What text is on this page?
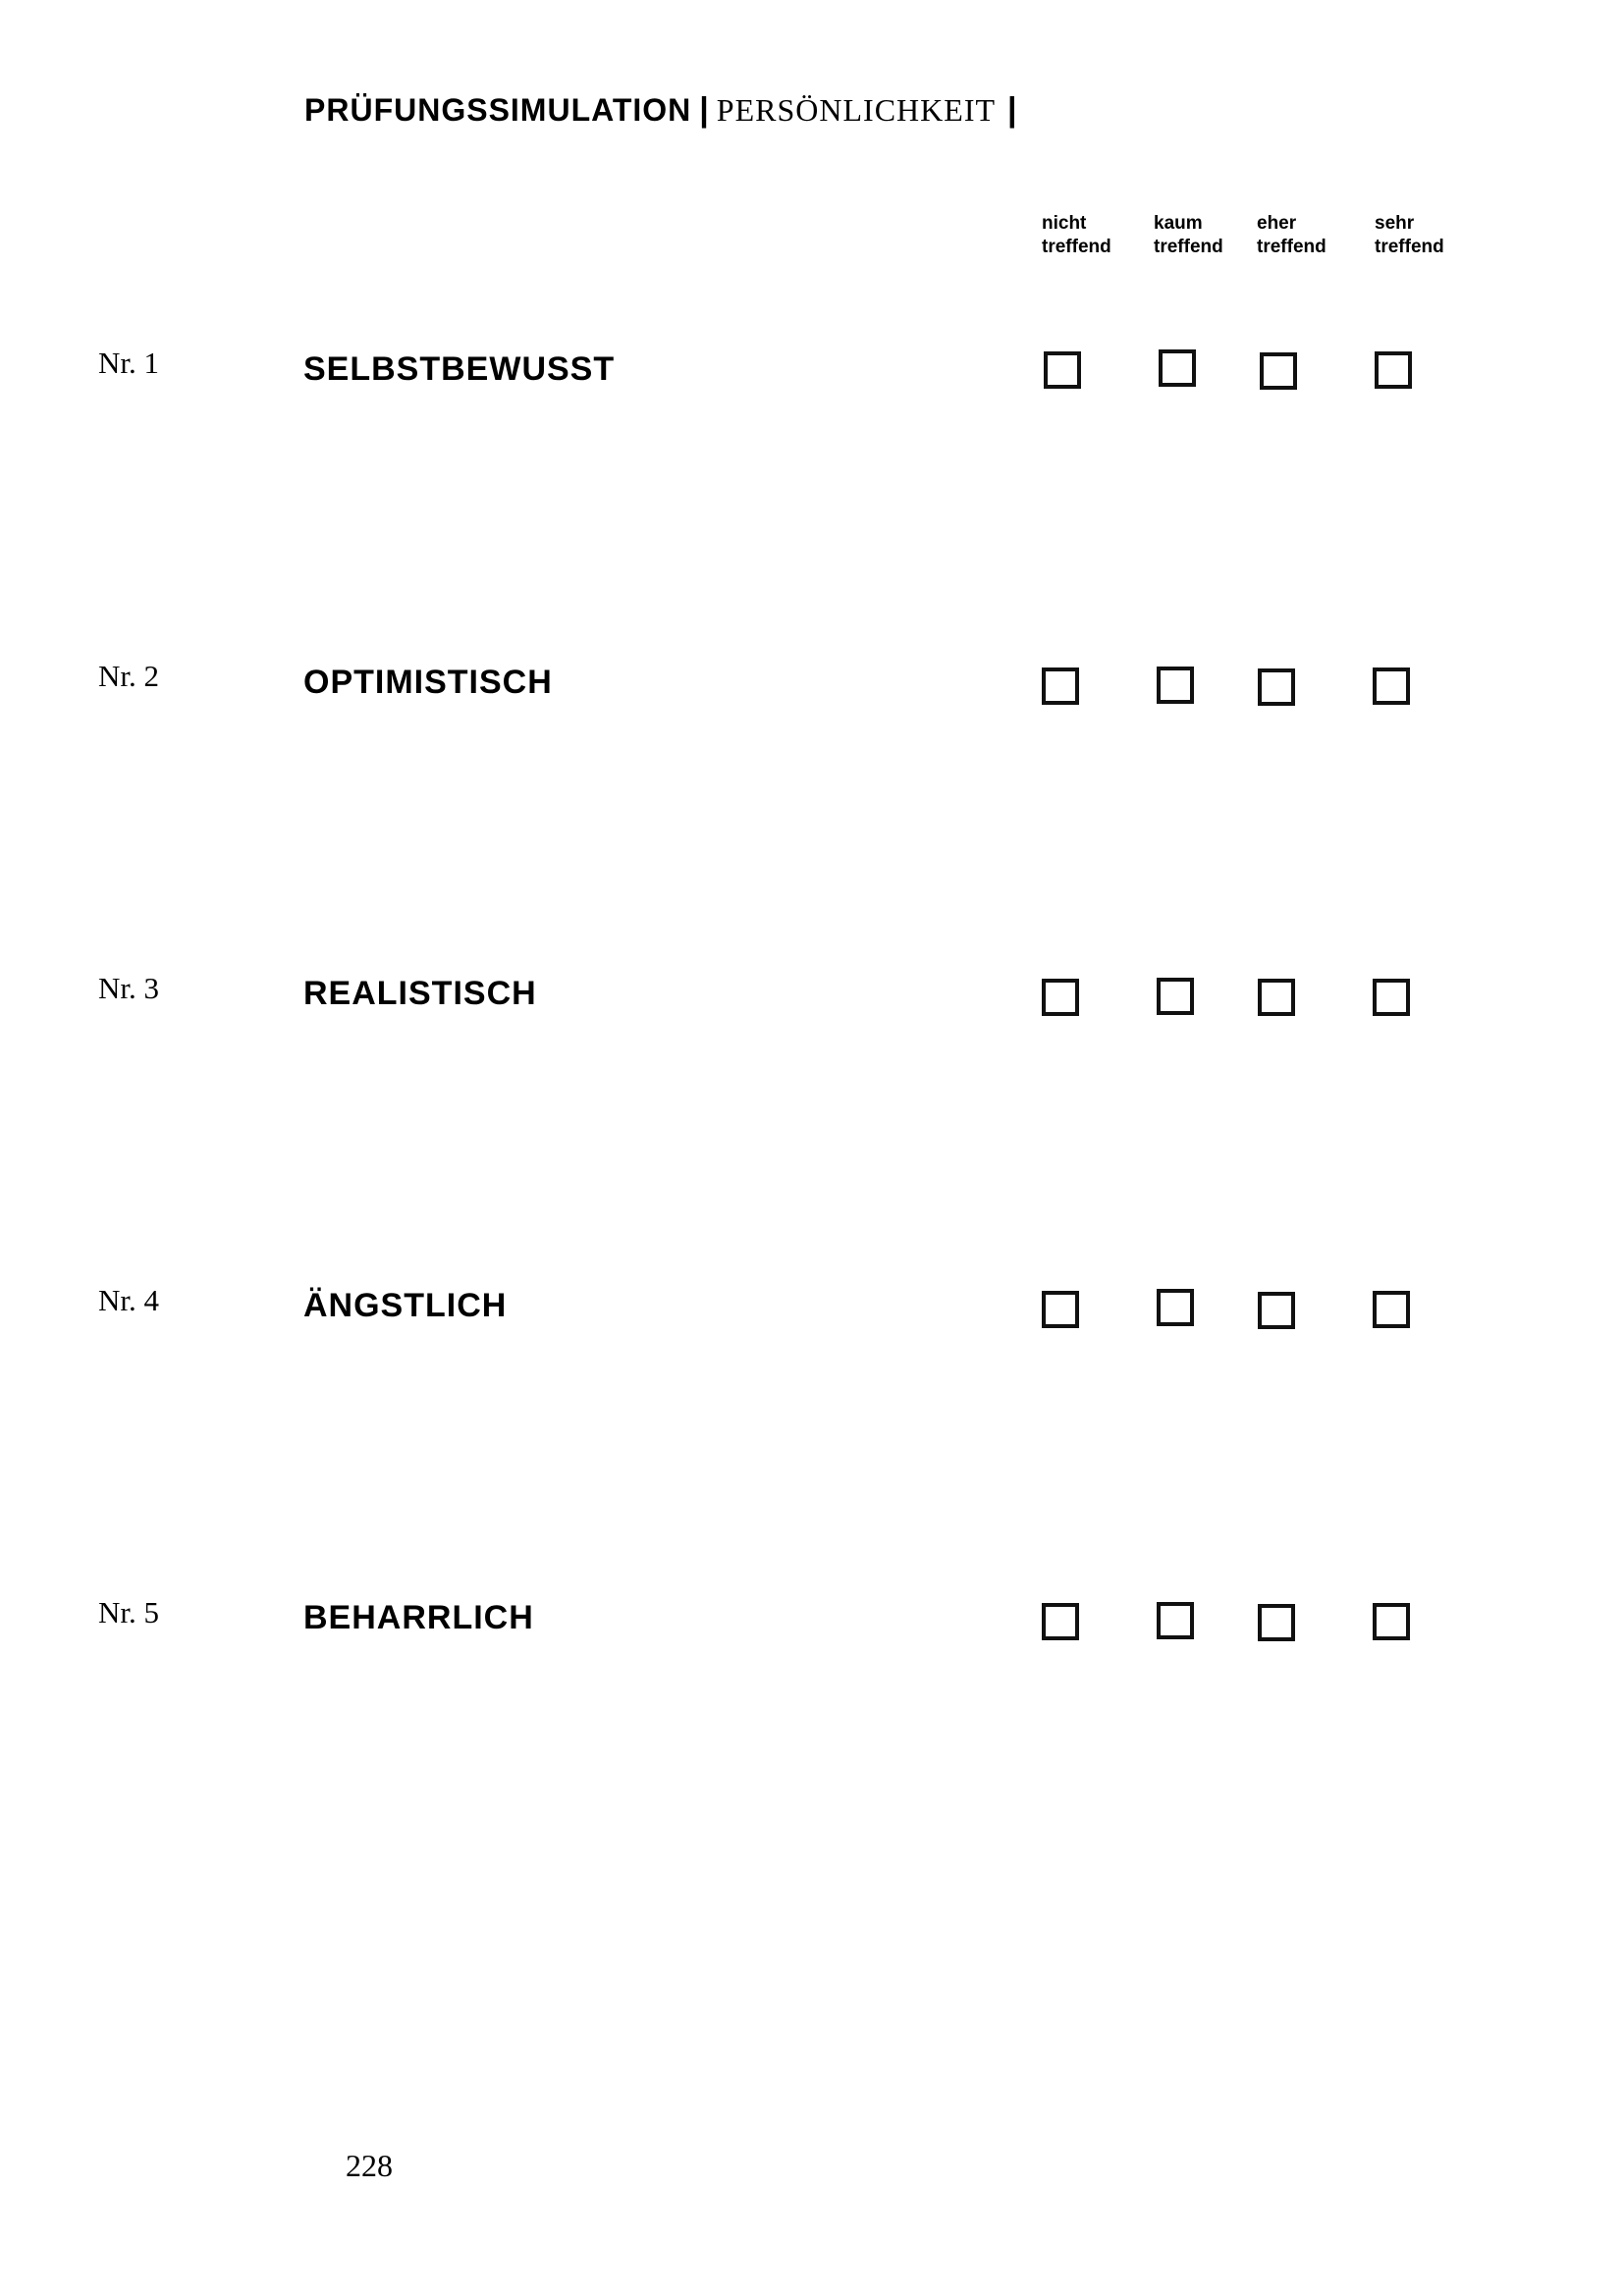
PRÜFUNGSSIMULATION | PERSÖNLICHKEIT |
nicht
treffend
kaum
treffend
eher
treffend
sehr
treffend
Nr. 1	SELBSTBEWUSST
Nr. 2	OPTIMISTISCH
Nr. 3	REALISTISCH
Nr. 4	ÄNGSTLICH
Nr. 5	BEHARRLICH
228
